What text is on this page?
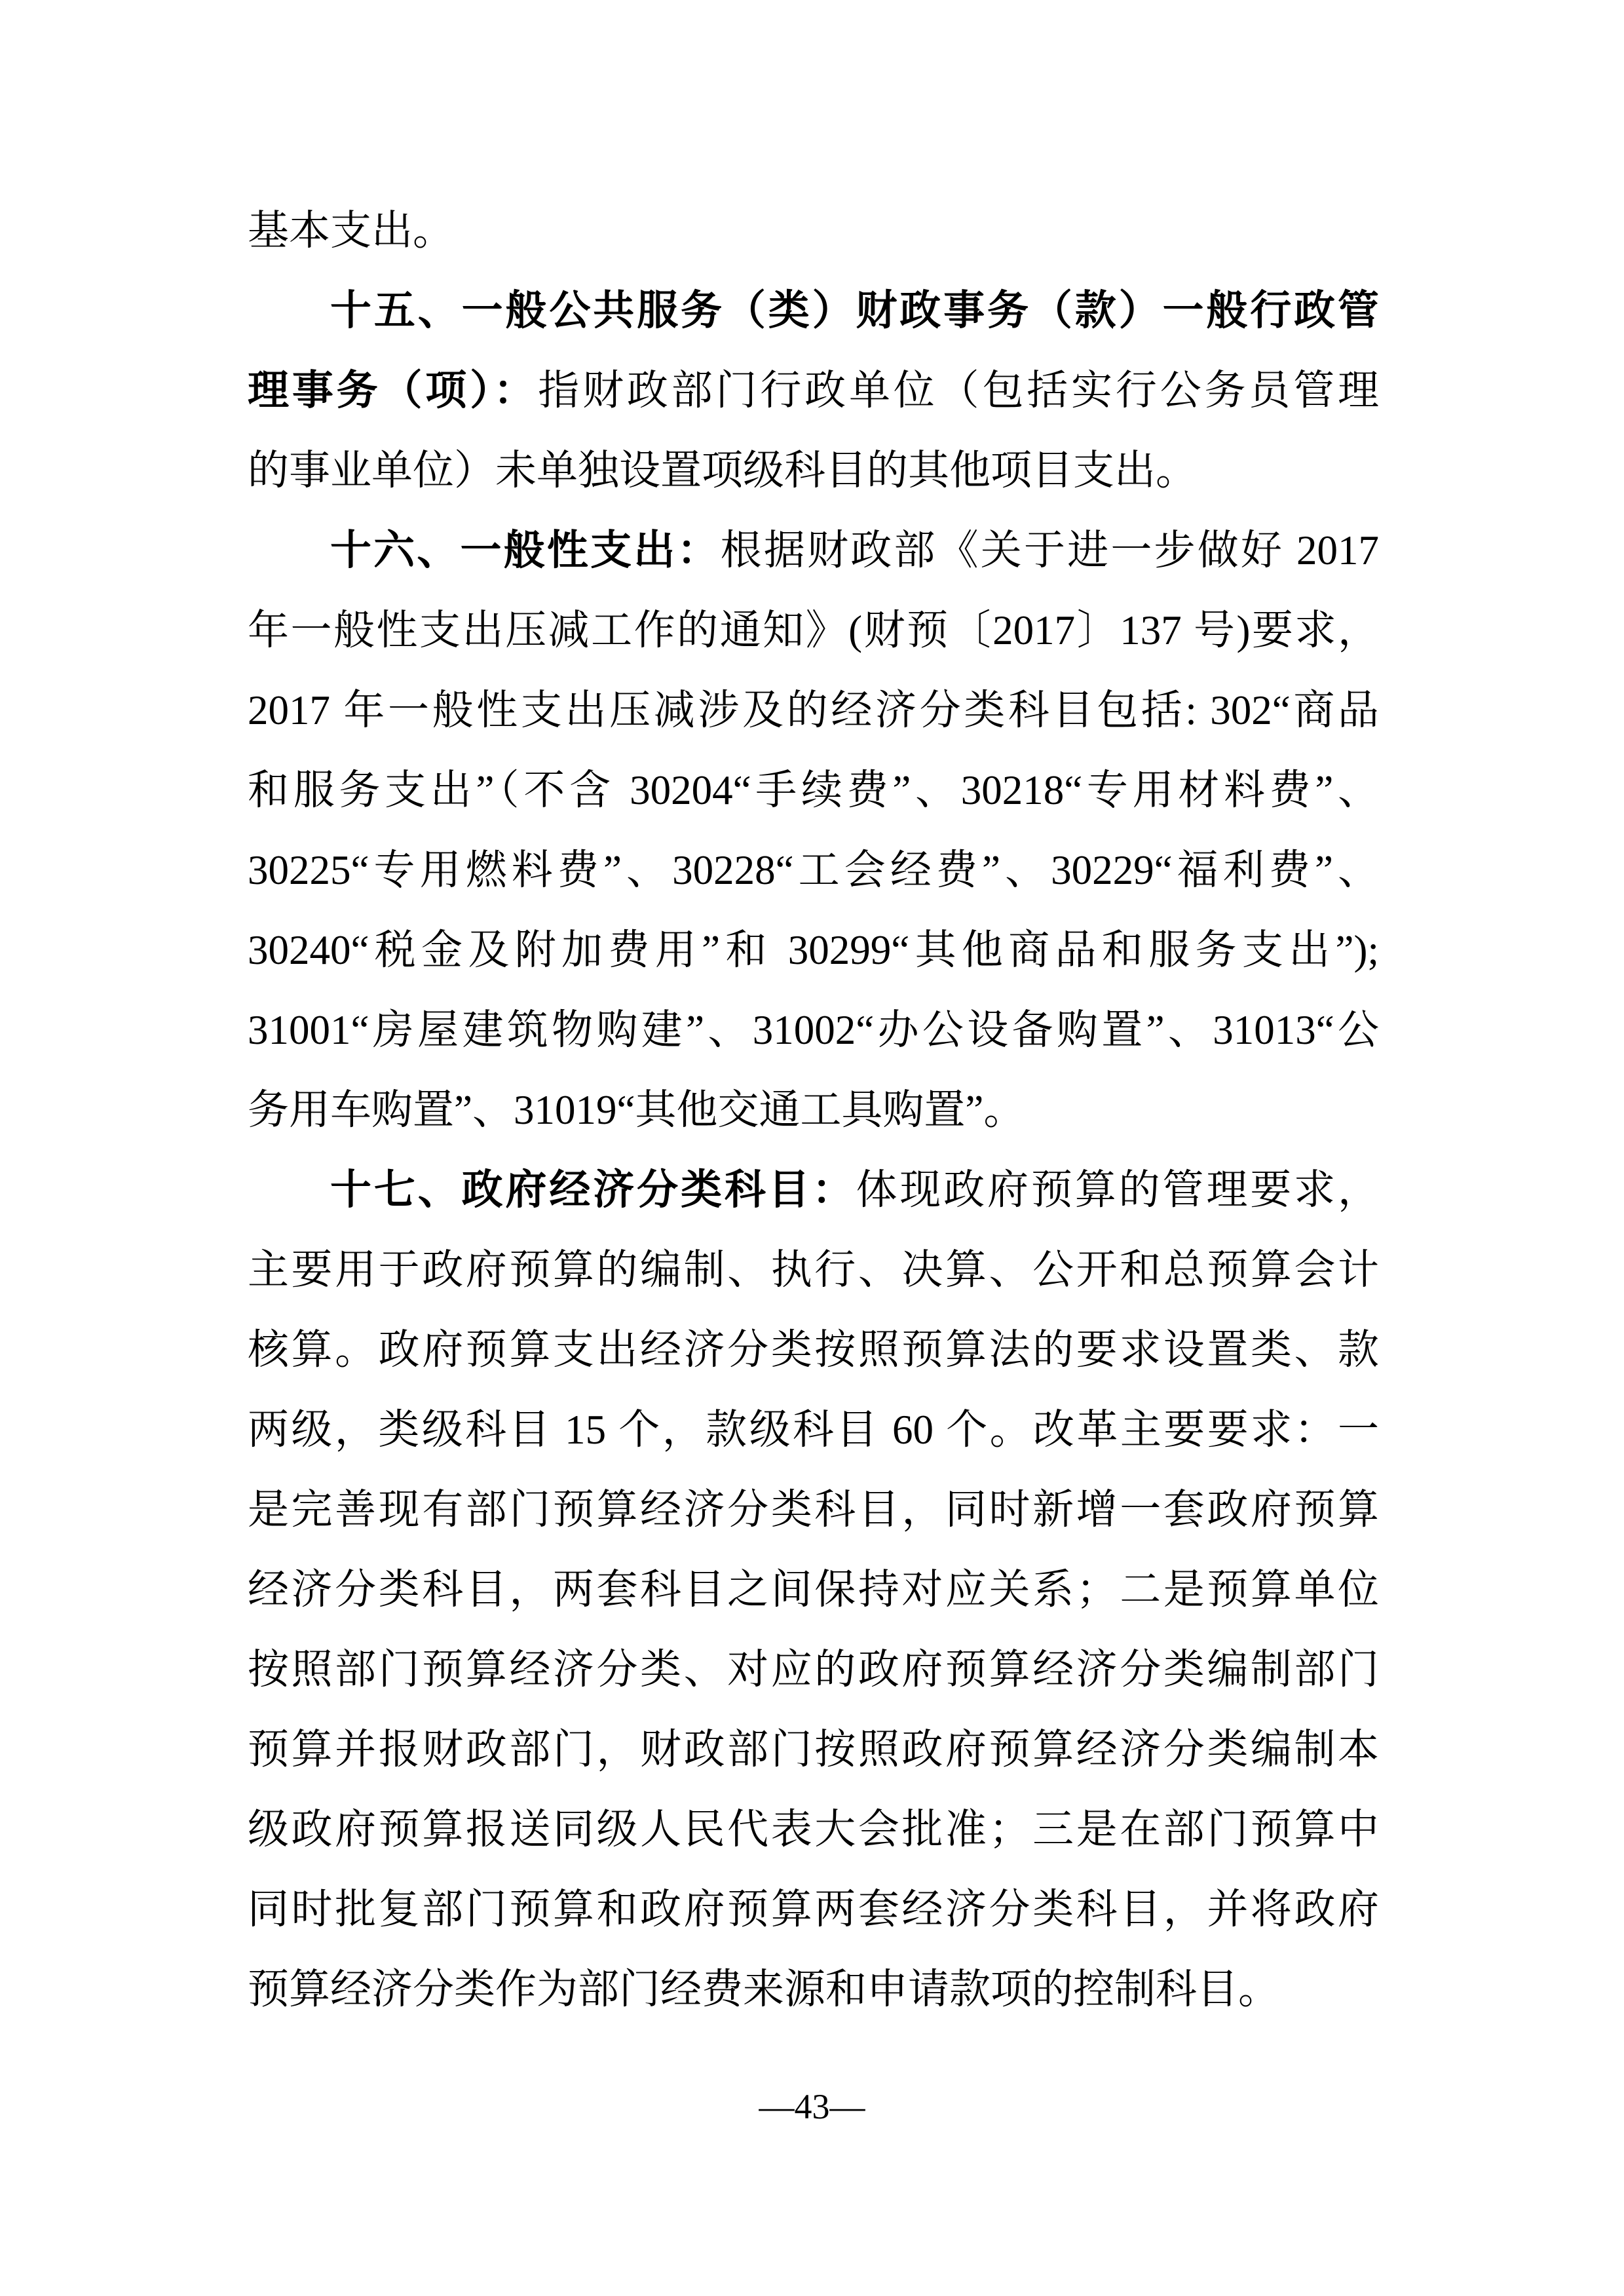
基本支出。
十五、一般公共服务（类）财政事务（款）一般行政管
理事务（项）：指财政部门行政单位（包括实行公务员管理
的事业单位）未单独设置项级科目的其他项目支出。
十六、一般性支出：根据财政部《关于进一步做好 2017
年一般性支出压减工作的通知》(财预〔2017〕137 号)要求，
2017 年一般性支出压减涉及的经济分类科目包括: 302“商品
和服务支出”（不含 30204“手续费”、30218“专用材料费”、
30225“专用燃料费”、30228“工会经费”、30229“福利费”、
30240“税金及附加费用”和 30299“其他商品和服务支出”);
31001“房屋建筑物购建”、31002“办公设备购置”、31013“公
务用车购置”、31019“其他交通工具购置”。
十七、政府经济分类科目：体现政府预算的管理要求，
主要用于政府预算的编制、执行、决算、公开和总预算会计
核算。政府预算支出经济分类按照预算法的要求设置类、款
两级，类级科目 15 个，款级科目 60 个。改革主要要求：一
是完善现有部门预算经济分类科目，同时新增一套政府预算
经济分类科目，两套科目之间保持对应关系；二是预算单位
按照部门预算经济分类、对应的政府预算经济分类编制部门
预算并报财政部门，财政部门按照政府预算经济分类编制本
级政府预算报送同级人民代表大会批准；三是在部门预算中
同时批复部门预算和政府预算两套经济分类科目，并将政府
预算经济分类作为部门经费来源和申请款项的控制科目。
—43—
